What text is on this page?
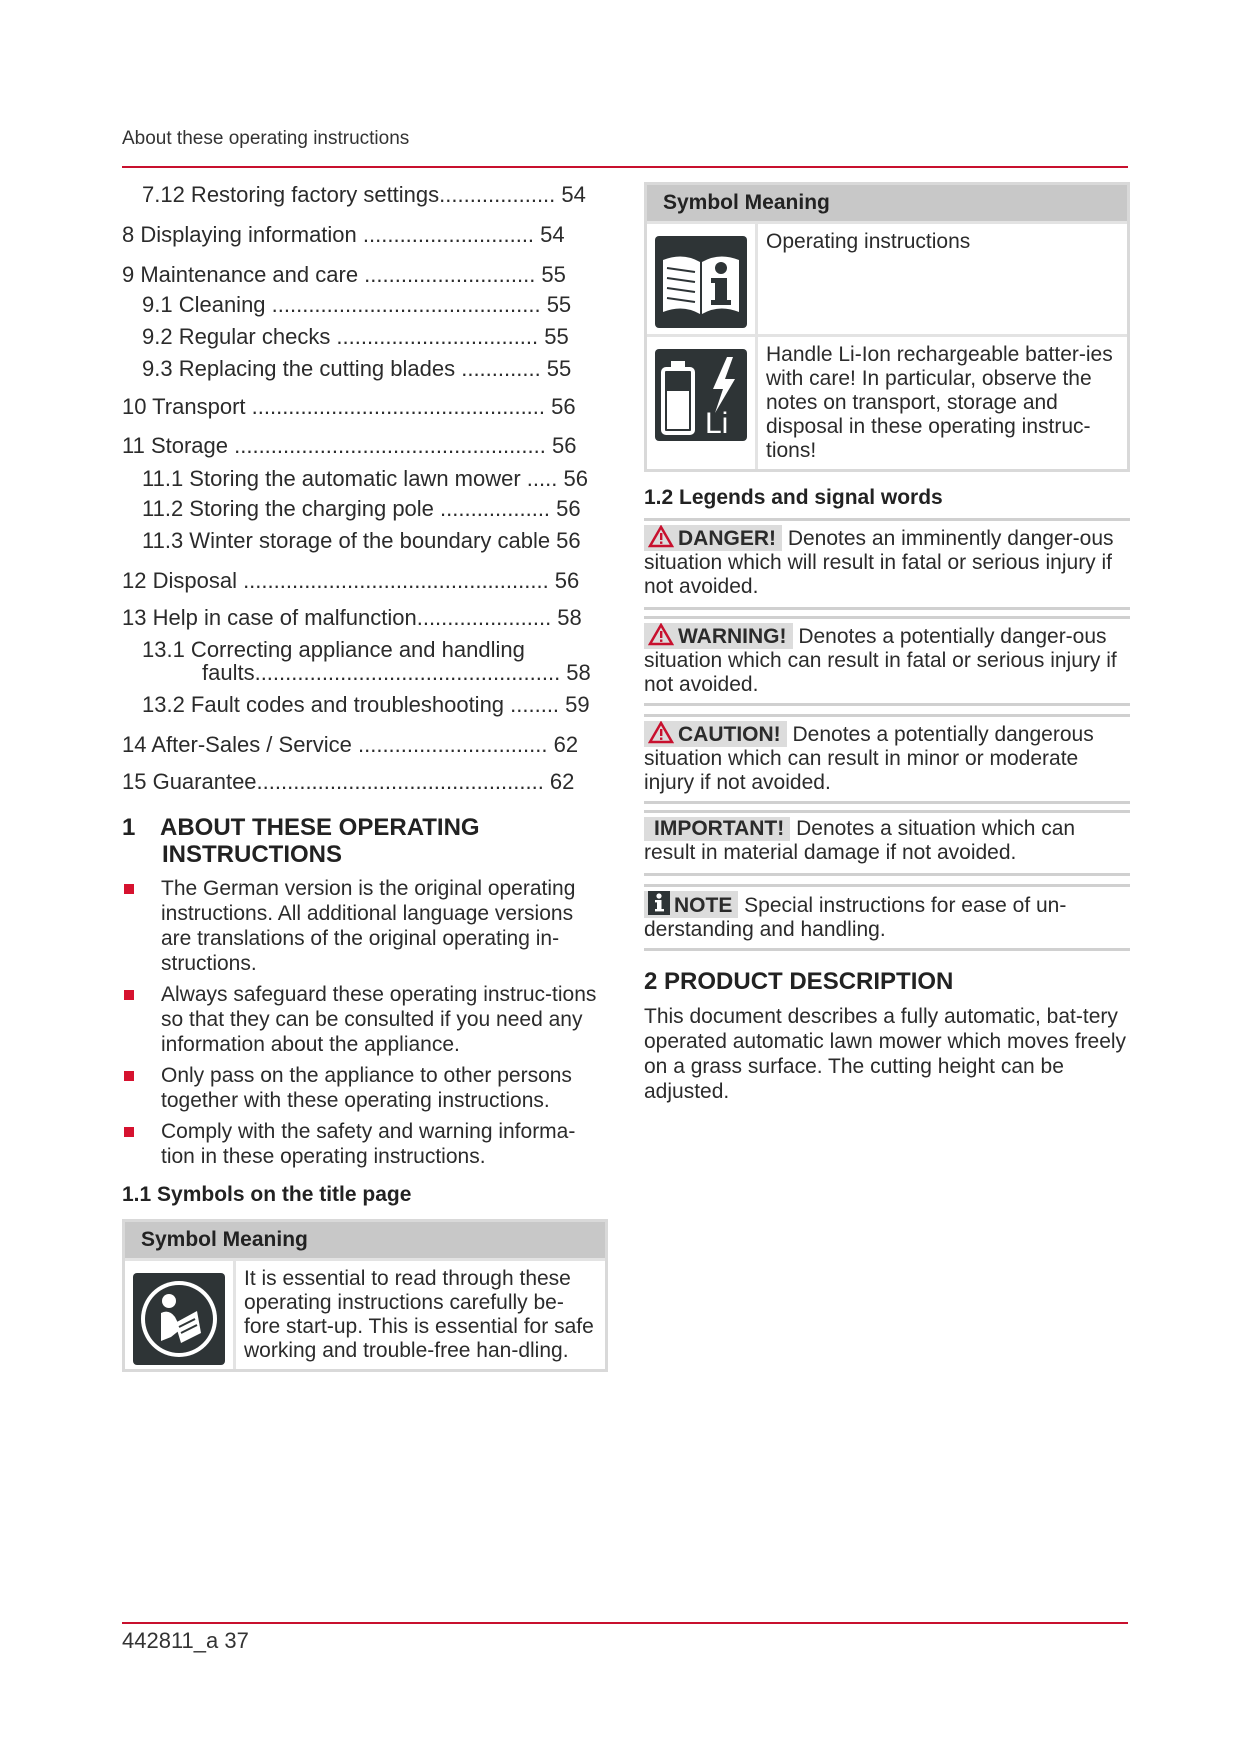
About these operating instructions
7.12 Restoring factory settings................... 54
8 Displaying information ............................ 54
9 Maintenance and care ............................ 55
9.1 Cleaning ............................................ 55
9.2 Regular checks ................................. 55
9.3 Replacing the cutting blades ............. 55
10 Transport ................................................ 56
11 Storage ................................................... 56
11.1 Storing the automatic lawn mower ..... 56
11.2 Storing the charging pole .................. 56
11.3 Winter storage of the boundary cable 56
12 Disposal .................................................. 56
13 Help in case of malfunction...................... 58
13.1 Correcting appliance and handling
faults.................................................. 58
13.2 Fault codes and troubleshooting ........ 59
14 After-Sales / Service ............................... 62
15 Guarantee............................................... 62
1 ABOUT THESE OPERATING
INSTRUCTIONS
The German version is the original operating instructions. All additional language versions are translations of the original operating in-structions.
Always safeguard these operating instruc-tions so that they can be consulted if you need any information about the appliance.
Only pass on the appliance to other persons together with these operating instructions.
Comply with the safety and warning informa-tion in these operating instructions.
1.1 Symbols on the title page
Symbol Meaning
It is essential to read through these operating instructions carefully be-fore start-up. This is essential for safe working and trouble-free han-dling.
Symbol Meaning
Operating instructions
Li
Handle Li-Ion rechargeable batter-ies with care! In particular, observe the notes on transport, storage and disposal in these operating instruc-tions!
1.2 Legends and signal words
DANGER! Denotes an imminently danger-ous situation which will result in fatal or serious injury if not avoided.
WARNING! Denotes a potentially danger-ous situation which can result in fatal or serious injury if not avoided.
CAUTION! Denotes a potentially dangerous situation which can result in minor or moderate injury if not avoided.
IMPORTANT! Denotes a situation which can result in material damage if not avoided.
NOTE Special instructions for ease of un-derstanding and handling.
2 PRODUCT DESCRIPTION
This document describes a fully automatic, bat-tery operated automatic lawn mower which moves freely on a grass surface. The cutting height can be adjusted.
442811_a 37
